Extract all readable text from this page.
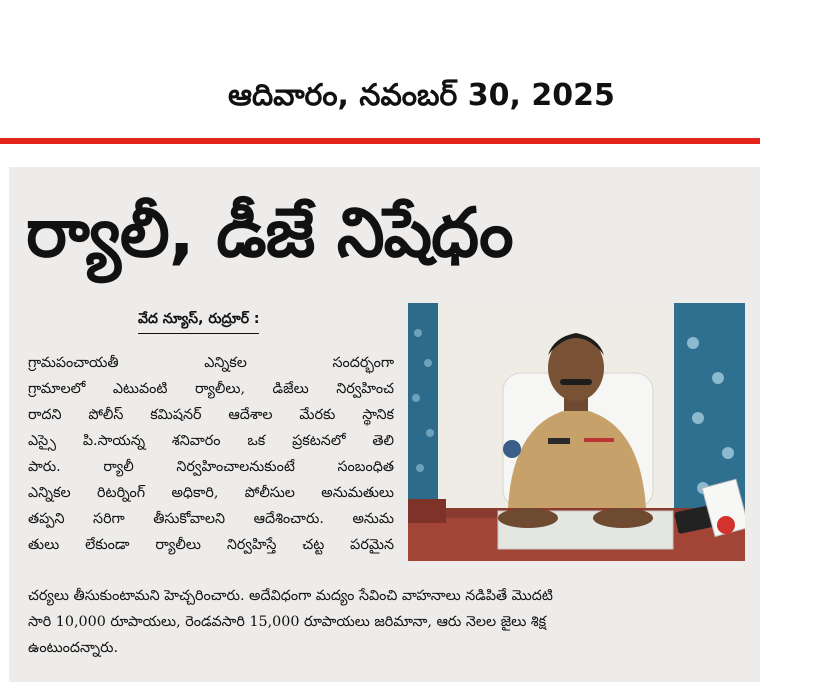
ఆదివారం, నవంబర్ 30, 2025
ర్యాలీ, డీజే నిషేధం
వేద న్యూస్, రుద్రూర్ :
గ్రామపంచాయతీ ఎన్నికల సందర్భంగా
గ్రామాలలో ఎటువంటి ర్యాలీలు, డిజేలు నిర్వహించ
రాదని పోలీస్ కమిషనర్ ఆదేశాల మేరకు స్థానిక
ఎస్సై పి.సాయన్న శనివారం ఒక ప్రకటనలో తెలి
పారు. ర్యాలీ నిర్వహించాలనుకుంటే సంబంధిత
ఎన్నికల రిటర్నింగ్ అధికారి, పోలీసుల అనుమతులు
తప్పని సరిగా తీసుకోవాలని ఆదేశించారు. అనుమ
తులు లేకుండా ర్యాలీలు నిర్వహిస్తే చట్ట పరమైన
చర్యలు తీసుకుంటామని హెచ్చరించారు. అదేవిధంగా మద్యం సేవించి వాహనాలు నడిపితే మొదటి
సారి 10,000 రూపాయలు, రెండవసారి 15,000 రూపాయలు జరిమానా, ఆరు నెలల జైలు శిక్ష
ఉంటుందన్నారు.
